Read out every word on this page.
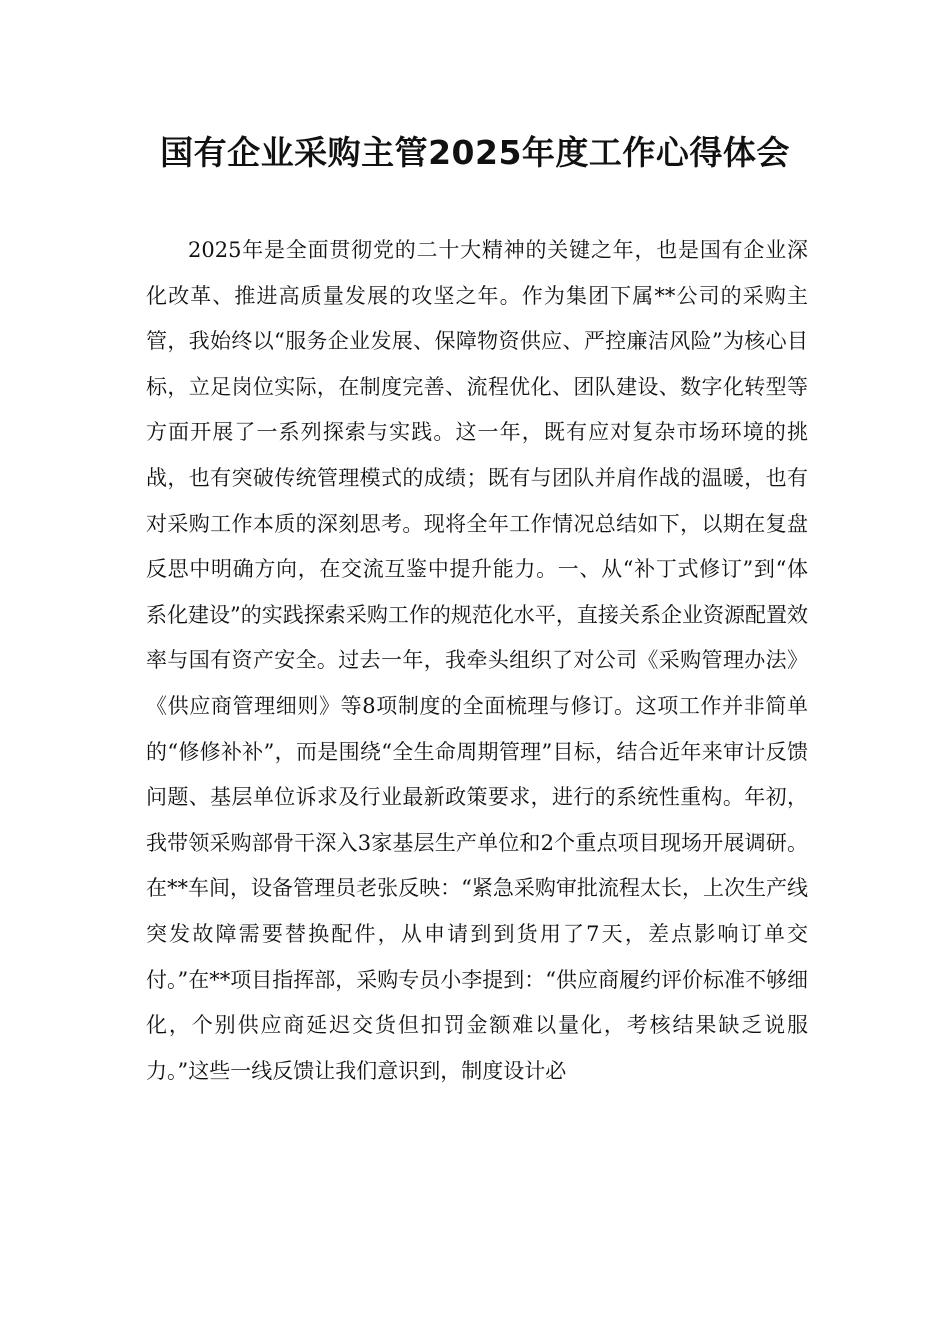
国有企业采购主管2025年度工作心得体会

2025年是全面贯彻党的二十大精神的关键之年，也是国有企业深化改革、推进高质量发展的攻坚之年。作为集团下属**公司的采购主管，我始终以“服务企业发展、保障物资供应、严控廉洁风险”为核心目标，立足岗位实际，在制度完善、流程优化、团队建设、数字化转型等方面开展了一系列探索与实践。这一年，既有应对复杂市场环境的挑战，也有突破传统管理模式的成绩；既有与团队并肩作战的温暖，也有对采购工作本质的深刻思考。现将全年工作情况总结如下，以期在复盘反思中明确方向，在交流互鉴中提升能力。一、从“补丁式修订”到“体系化建设”的实践探索采购工作的规范化水平，直接关系企业资源配置效率与国有资产安全。过去一年，我牵头组织了对公司《采购管理办法》《供应商管理细则》等8项制度的全面梳理与修订。这项工作并非简单的“修修补补”，而是围绕“全生命周期管理”目标，结合近年来审计反馈问题、基层单位诉求及行业最新政策要求，进行的系统性重构。年初，我带领采购部骨干深入3家基层生产单位和2个重点项目现场开展调研。在**车间，设备管理员老张反映：“紧急采购审批流程太长，上次生产线突发故障需要替换配件，从申请到到货用了7天，差点影响订单交付。”在**项目指挥部，采购专员小李提到：“供应商履约评价标准不够细化，个别供应商延迟交货但扣罚金额难以量化，考核结果缺乏说服力。”这些一线反馈让我们意识到，制度设计必
